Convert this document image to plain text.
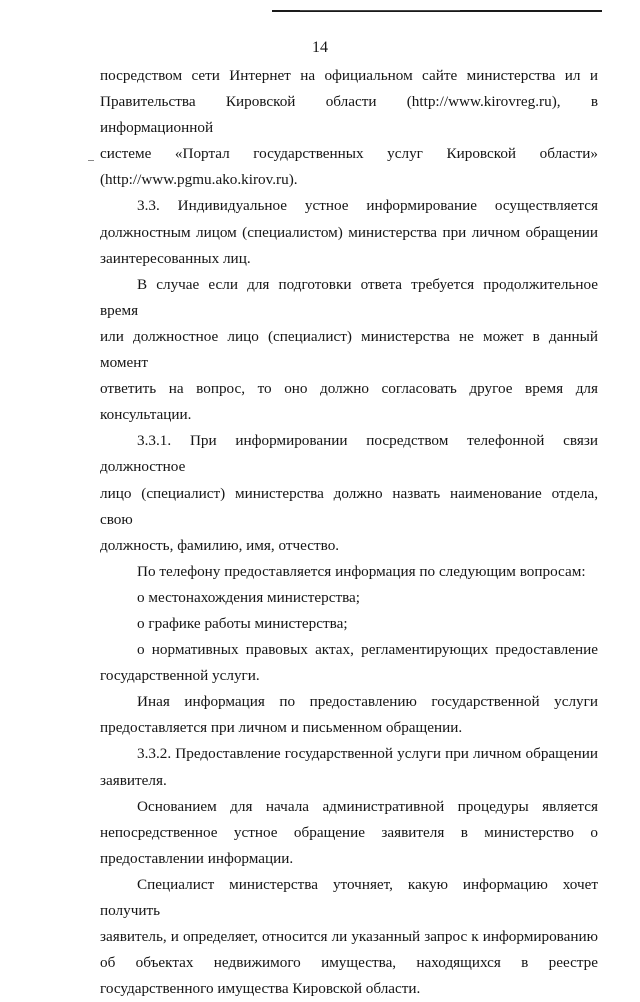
14
посредством сети Интернет на официальном сайте министерства ил и
Правительства Кировской области (http://www.kirovreg.ru), в информационной
системе «Портал государственных услуг Кировской области»
(http://www.pgmu.ako.kirov.ru).
3.3. Индивидуальное устное информирование осуществляется
должностным лицом (специалистом) министерства при личном обращении
заинтересованных лиц.
В случае если для подготовки ответа требуется продолжительное время
или должностное лицо (специалист) министерства не может в данный момент
ответить на вопрос, то оно должно согласовать другое время для
консультации.
3.3.1. При информировании посредством телефонной связи должностное
лицо (специалист) министерства должно назвать наименование отдела, свою
должность, фамилию, имя, отчество.
По телефону предоставляется информация по следующим вопросам:
о местонахождения министерства;
о графике работы министерства;
о нормативных правовых актах, регламентирующих предоставление
государственной услуги.
Иная информация по предоставлению государственной услуги
предоставляется при личном и письменном обращении.
3.3.2. Предоставление государственной услуги при личном обращении
заявителя.
Основанием для начала административной процедуры является
непосредственное устное обращение заявителя в министерство о
предоставлении информации.
Специалист министерства уточняет, какую информацию хочет получить
заявитель, и определяет, относится ли указанный запрос к информированию
об объектах недвижимого имущества, находящихся в реестре
государственного имущества Кировской области.
